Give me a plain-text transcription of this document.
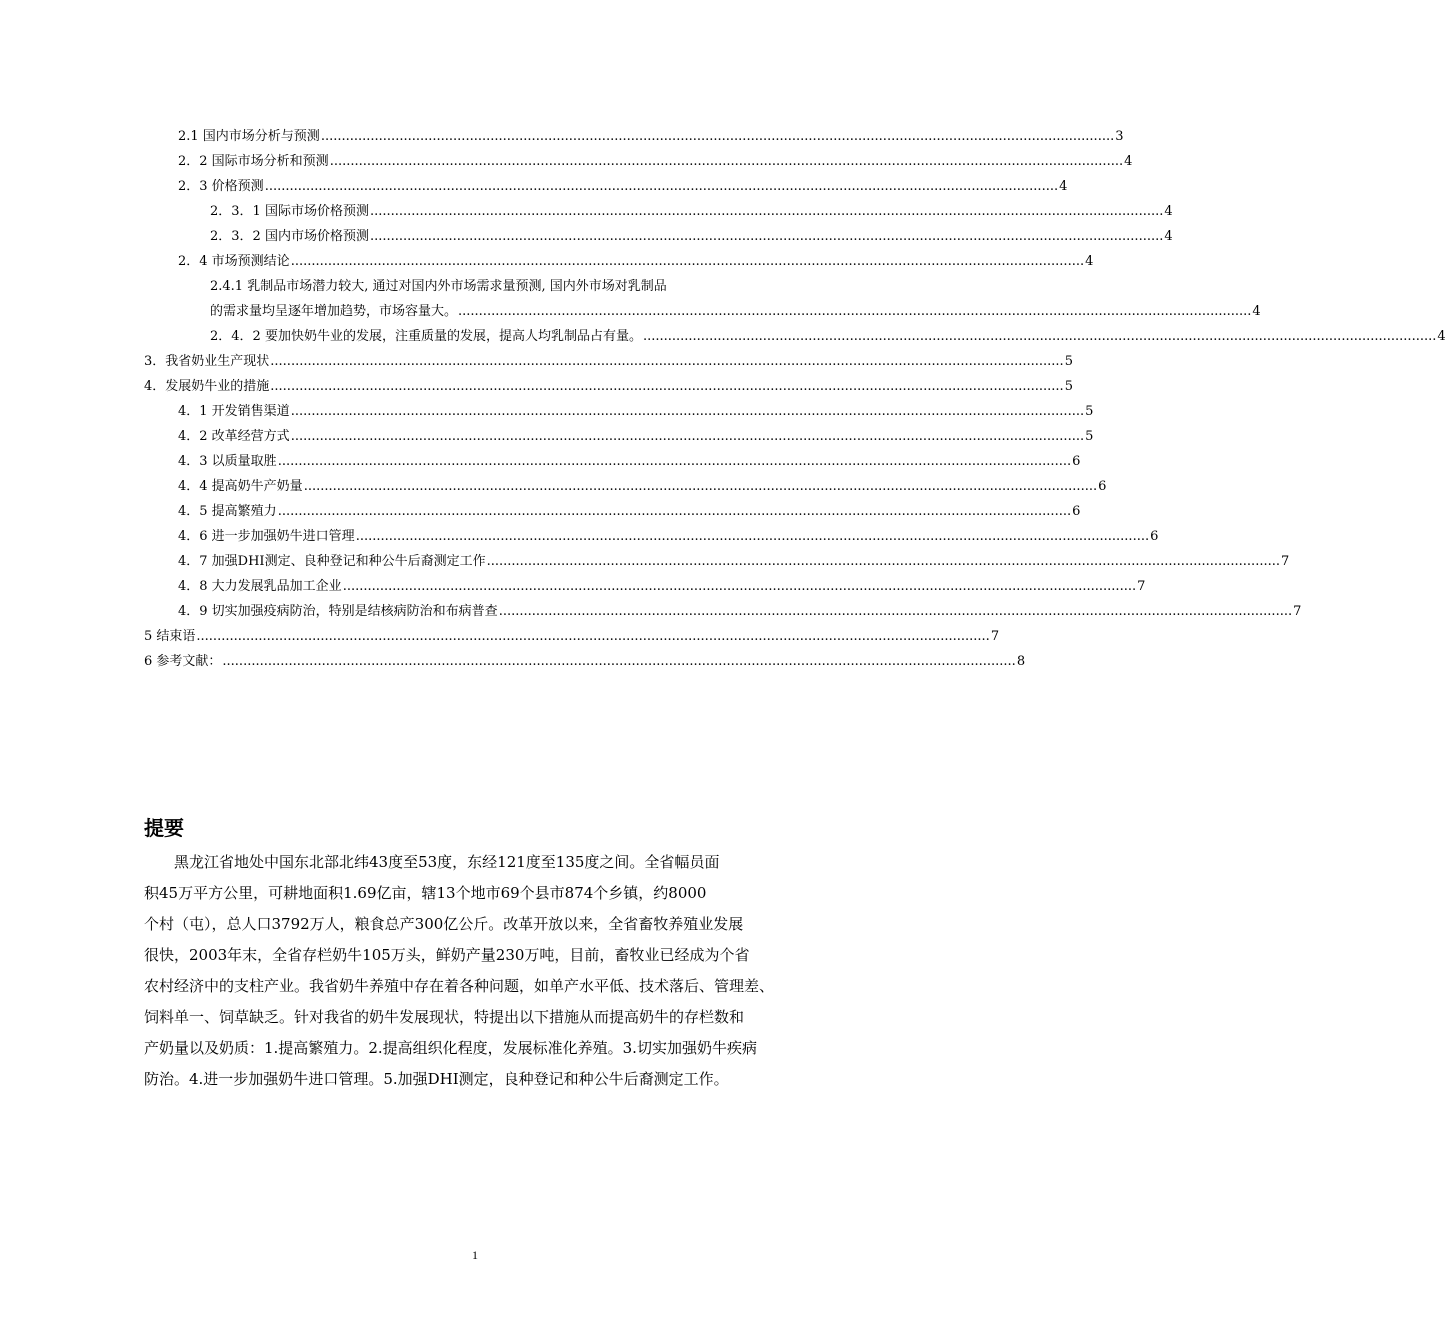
2.1 国内市场分析与预测 ................................................................................................................................................................................................ 3
2．2 国际市场分析和预测 ................................................................................................................................................................................................ 4
2．3 价格预测 ................................................................................................................................................................................................ 4
2．3．1 国际市场价格预测 ................................................................................................................................................................................................ 4
2．3．2 国内市场价格预测 ................................................................................................................................................................................................ 4
2．4 市场预测结论 ................................................................................................................................................................................................ 4
2.4.1 乳制品市场潜力较大, 通过对国内外市场需求量预测, 国内外市场对乳制品
的需求量均呈逐年增加趋势，市场容量大。 ................................................................................................................................................................................................ 4
2．4．2 要加快奶牛业的发展，注重质量的发展，提高人均乳制品占有量。 ................................................................................................................................................................................................ 4
3．我省奶业生产现状 ................................................................................................................................................................................................ 5
4．发展奶牛业的措施 ................................................................................................................................................................................................ 5
4．1 开发销售渠道 ................................................................................................................................................................................................ 5
4．2 改革经营方式 ................................................................................................................................................................................................ 5
4．3 以质量取胜 ................................................................................................................................................................................................ 6
4．4 提高奶牛产奶量 ................................................................................................................................................................................................ 6
4．5 提高繁殖力 ................................................................................................................................................................................................ 6
4．6 进一步加强奶牛进口管理 ................................................................................................................................................................................................ 6
4．7 加强DHI测定、良种登记和种公牛后裔测定工作 ................................................................................................................................................................................................ 7
4．8 大力发展乳品加工企业 ................................................................................................................................................................................................ 7
4．9 切实加强疫病防治，特别是结核病防治和布病普查 ................................................................................................................................................................................................ 7
5 结束语 ................................................................................................................................................................................................ 7
6 参考文献： ................................................................................................................................................................................................ 8
提要
黑龙江省地处中国东北部北纬43度至53度，东经121度至135度之间。全省幅员面
积45万平方公里，可耕地面积1.69亿亩，辖13个地市69个县市874个乡镇，约8000
个村（屯），总人口3792万人，粮食总产300亿公斤。改革开放以来，全省畜牧养殖业发展
很快，2003年末，全省存栏奶牛105万头，鲜奶产量230万吨，目前，畜牧业已经成为个省
农村经济中的支柱产业。我省奶牛养殖中存在着各种问题，如单产水平低、技术落后、管理差、
饲料单一、饲草缺乏。针对我省的奶牛发展现状，特提出以下措施从而提高奶牛的存栏数和
产奶量以及奶质：1.提高繁殖力。2.提高组织化程度，发展标准化养殖。3.切实加强奶牛疾病
防治。4.进一步加强奶牛进口管理。5.加强DHI测定，良种登记和种公牛后裔测定工作。
1
